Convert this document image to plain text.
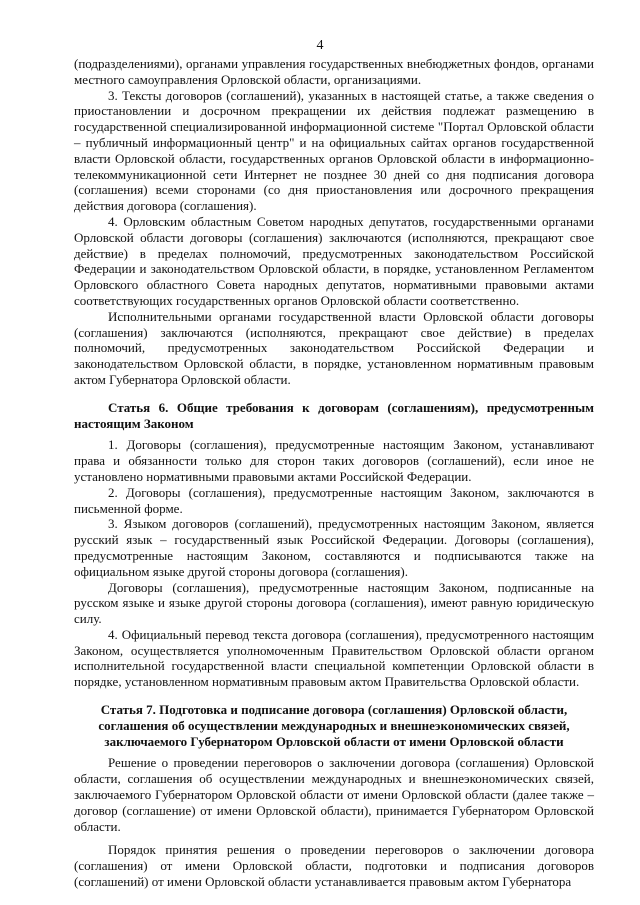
4

(подразделениями), органами управления государственных внебюджетных фондов, органами местного самоуправления Орловской области, организациями.

3. Тексты договоров (соглашений), указанных в настоящей статье, а также сведения о приостановлении и досрочном прекращении их действия подлежат размещению в государственной специализированной информационной системе "Портал Орловской области – публичный информационный центр" и на официальных сайтах органов государственной власти Орловской области, государственных органов Орловской области в информационно-телекоммуникационной сети Интернет не позднее 30 дней со дня подписания договора (соглашения) всеми сторонами (со дня приостановления или досрочного прекращения действия договора (соглашения).

4. Орловским областным Советом народных депутатов, государственными органами Орловской области договоры (соглашения) заключаются (исполняются, прекращают свое действие) в пределах полномочий, предусмотренных законодательством Российской Федерации и законодательством Орловской области, в порядке, установленном Регламентом Орловского областного Совета народных депутатов, нормативными правовыми актами соответствующих государственных органов Орловской области соответственно.

Исполнительными органами государственной власти Орловской области договоры (соглашения) заключаются (исполняются, прекращают свое действие) в пределах полномочий, предусмотренных законодательством Российской Федерации и законодательством Орловской области, в порядке, установленном нормативным правовым актом Губернатора Орловской области.

Статья 6. Общие требования к договорам (соглашениям), предусмотренным настоящим Законом

1. Договоры (соглашения), предусмотренные настоящим Законом, устанавливают права и обязанности только для сторон таких договоров (соглашений), если иное не установлено нормативными правовыми актами Российской Федерации.

2. Договоры (соглашения), предусмотренные настоящим Законом, заключаются в письменной форме.

3. Языком договоров (соглашений), предусмотренных настоящим Законом, является русский язык – государственный язык Российской Федерации. Договоры (соглашения), предусмотренные настоящим Законом, составляются и подписываются также на официальном языке другой стороны договора (соглашения).

Договоры (соглашения), предусмотренные настоящим Законом, подписанные на русском языке и языке другой стороны договора (соглашения), имеют равную юридическую силу.

4. Официальный перевод текста договора (соглашения), предусмотренного настоящим Законом, осуществляется уполномоченным Правительством Орловской области органом исполнительной государственной власти специальной компетенции Орловской области в порядке, установленном нормативным правовым актом Правительства Орловской области.

Статья 7. Подготовка и подписание договора (соглашения) Орловской области, соглашения об осуществлении международных и внешнеэкономических связей, заключаемого Губернатором Орловской области от имени Орловской области

Решение о проведении переговоров о заключении договора (соглашения) Орловской области, соглашения об осуществлении международных и внешнеэкономических связей, заключаемого Губернатором Орловской области от имени Орловской области (далее также – договор (соглашение) от имени Орловской области), принимается Губернатором Орловской области.

Порядок принятия решения о проведении переговоров о заключении договора (соглашения) от имени Орловской области, подготовки и подписания договоров (соглашений) от имени Орловской области устанавливается правовым актом Губернатора
